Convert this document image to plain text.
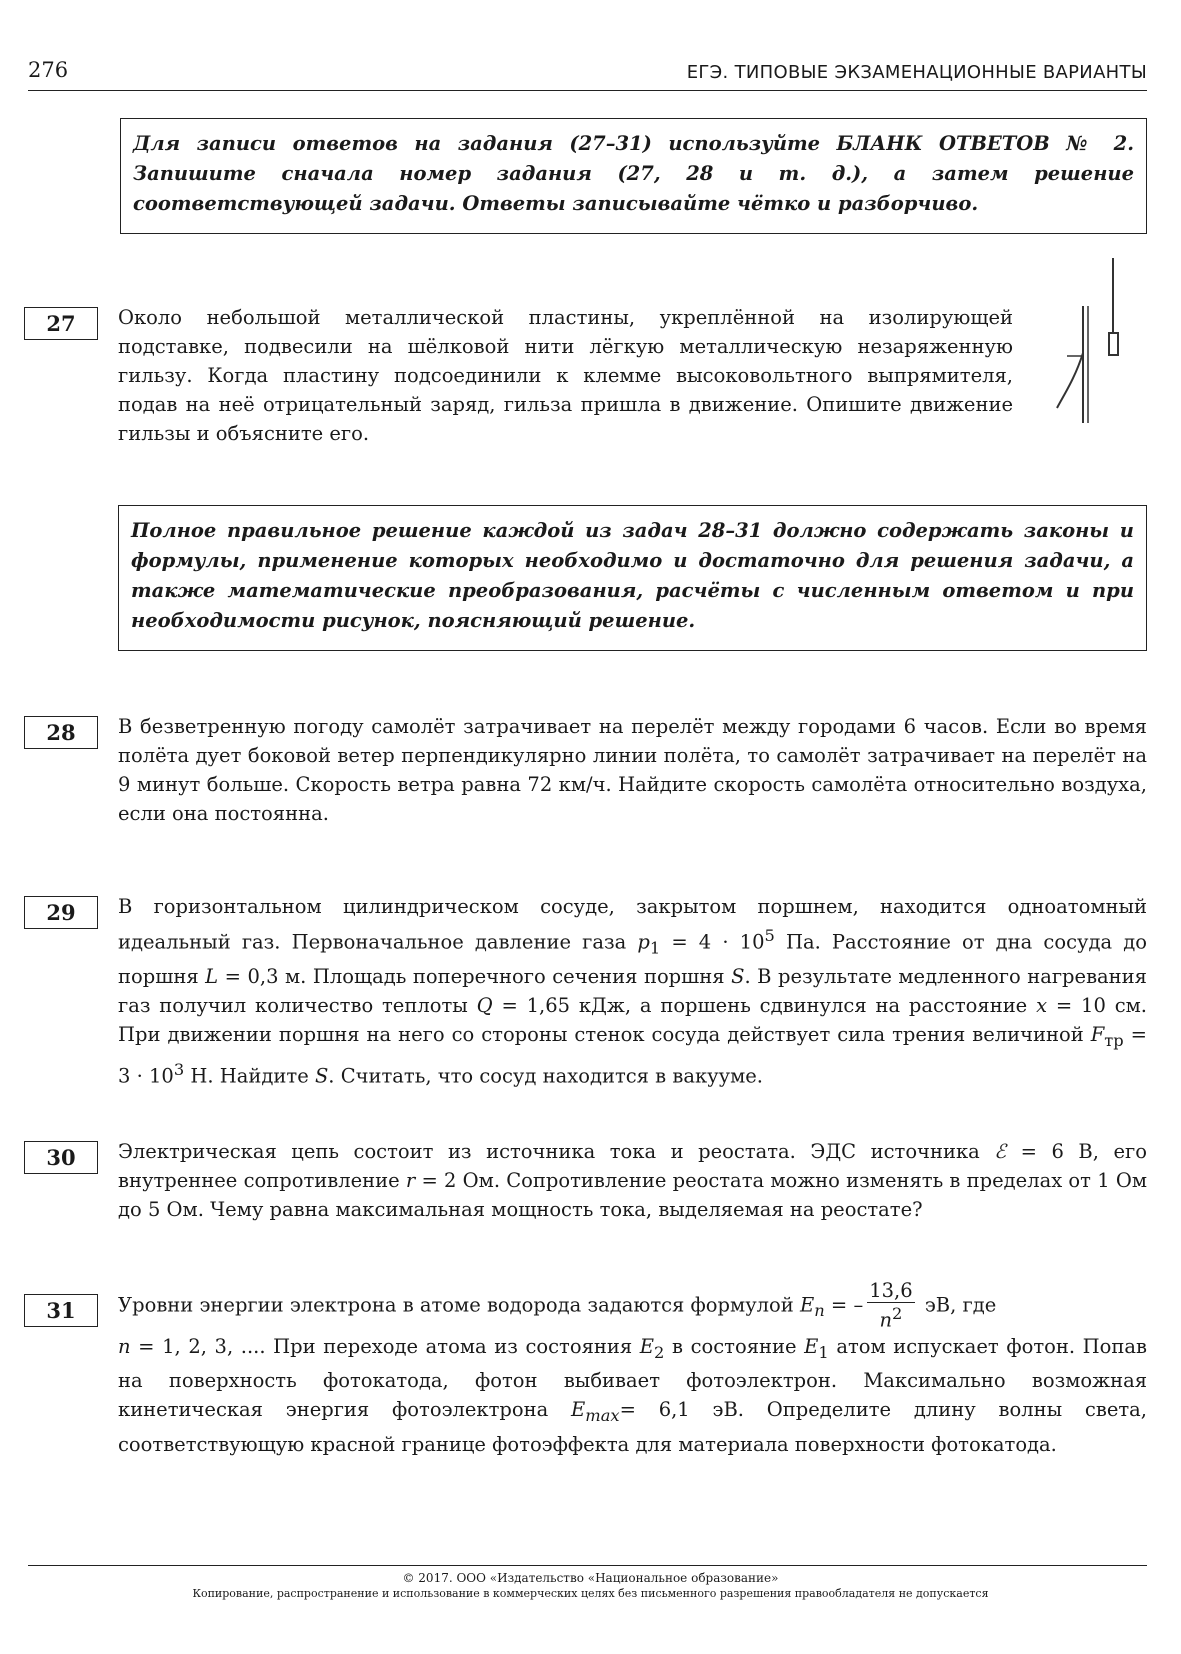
276	ЕГЭ. ТИПОВЫЕ ЭКЗАМЕНАЦИОННЫЕ ВАРИАНТЫ
Для записи ответов на задания (27–31) используйте БЛАНК ОТВЕТОВ № 2. Запишите сначала номер задания (27, 28 и т. д.), а затем решение соответствующей задачи. Ответы записывайте чётко и разборчиво.
27	Около небольшой металлической пластины, укреплённой на изолирующей подставке, подвесили на шёлковой нити лёгкую металлическую незаряженную гильзу. Когда пластину подсоединили к клемме высоковольтного выпрямителя, подав на неё отрицательный заряд, гильза пришла в движение. Опишите движение гильзы и объясните его.
Полное правильное решение каждой из задач 28–31 должно содержать законы и формулы, применение которых необходимо и достаточно для решения задачи, а также математические преобразования, расчёты с численным ответом и при необходимости рисунок, поясняющий решение.
28	В безветренную погоду самолёт затрачивает на перелёт между городами 6 часов. Если во время полёта дует боковой ветер перпендикулярно линии полёта, то самолёт затрачивает на перелёт на 9 минут больше. Скорость ветра равна 72 км/ч. Найдите скорость самолёта относительно воздуха, если она постоянна.
29	В горизонтальном цилиндрическом сосуде, закрытом поршнем, находится одноатомный идеальный газ. Первоначальное давление газа $p_1 = 4 \cdot 10^5$ Па. Расстояние от дна сосуда до поршня L = 0,3 м. Площадь поперечного сечения поршня S. В результате медленного нагревания газ получил количество теплоты Q = 1,65 кДж, а поршень сдвинулся на расстояние x = 10 см. При движении поршня на него со стороны стенок сосуда действует сила трения величиной $F_{тр} = 3 \cdot 10^3$ Н. Найдите S. Считать, что сосуд находится в вакууме.
30	Электрическая цепь состоит из источника тока и реостата. ЭДС источника ℰ = 6 В, его внутреннее сопротивление r = 2 Ом. Сопротивление реостата можно изменять в пределах от 1 Ом до 5 Ом. Чему равна максимальная мощность тока, выделяемая на реостате?
31	Уровни энергии электрона в атоме водорода задаются формулой $E_n$ = – $\frac{13,6}{n^2}$ эВ, где
n = 1, 2, 3, .... При переходе атома из состояния $E_2$ в состояние $E_1$ атом испускает фотон. Попав на поверхность фотокатода, фотон выбивает фотоэлектрон. Максимально возможная кинетическая энергия фотоэлектрона $E_{max}= 6,1$ эВ. Определите длину волны света, соответствующую красной границе фотоэффекта для материала поверхности фотокатода.
© 2017. ООО «Издательство «Национальное образование»
Копирование, распространение и использование в коммерческих целях без письменного разрешения правообладателя не допускается
